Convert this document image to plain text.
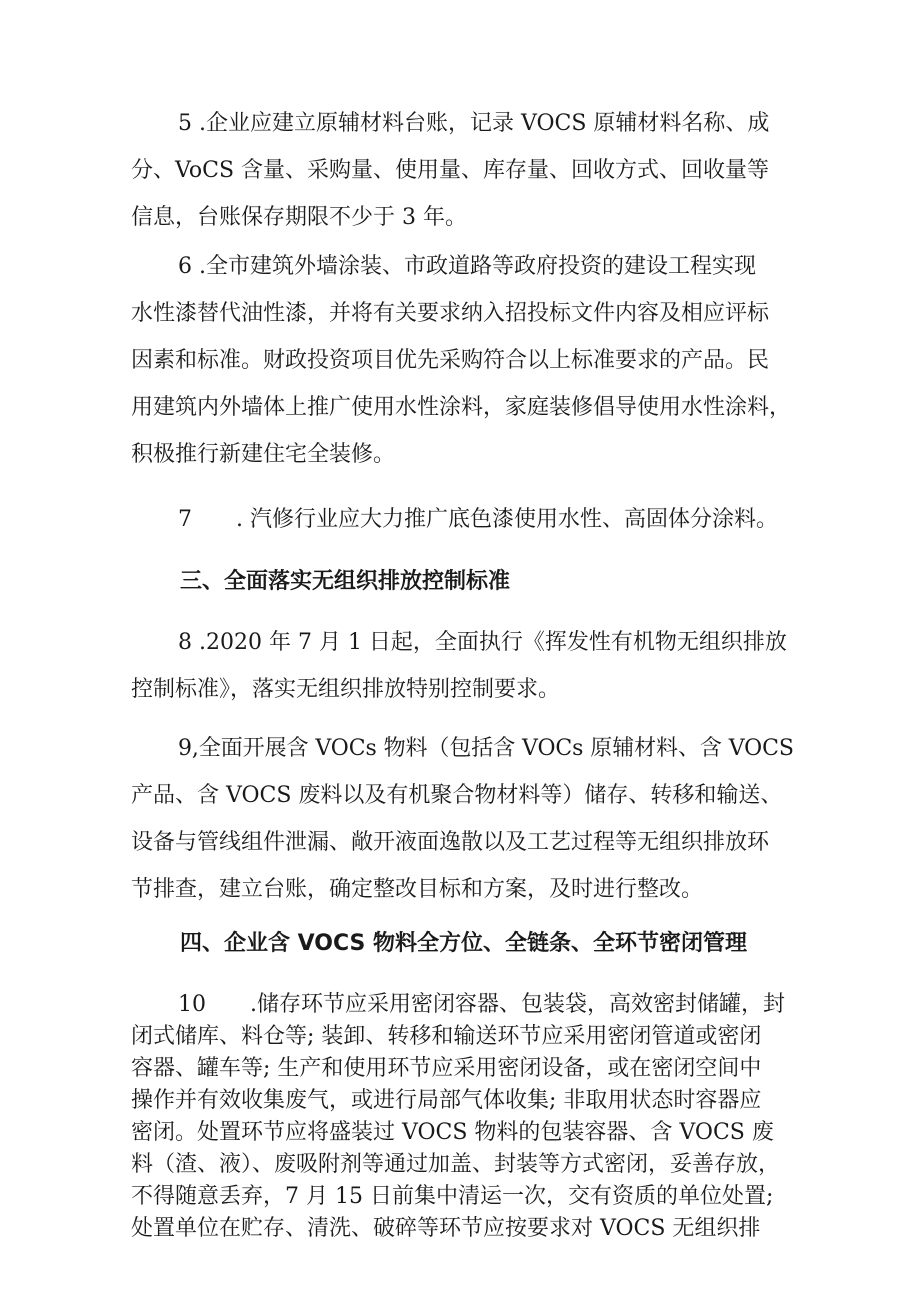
5 .企业应建立原辅材料台账，记录 VOCS 原辅材料名称、成
分、VoCS 含量、采购量、使用量、库存量、回收方式、回收量等
信息，台账保存期限不少于 3 年。
6 .全市建筑外墙涂装、市政道路等政府投资的建设工程实现
水性漆替代油性漆，并将有关要求纳入招投标文件内容及相应评标
因素和标准。财政投资项目优先采购符合以上标准要求的产品。民
用建筑内外墙体上推广使用水性涂料，家庭装修倡导使用水性涂料，
积极推行新建住宅全装修。
7　　. 汽修行业应大力推广底色漆使用水性、高固体分涂料。
三、全面落实无组织排放控制标准
8 .2020 年 7 月 1 日起，全面执行《挥发性有机物无组织排放
控制标准》，落实无组织排放特别控制要求。
9,全面开展含 VOCs 物料（包括含 VOCs 原辅材料、含 VOCS
产品、含 VOCS 废料以及有机聚合物材料等）储存、转移和输送、
设备与管线组件泄漏、敞开液面逸散以及工艺过程等无组织排放环
节排查，建立台账，确定整改目标和方案，及时进行整改。
四、企业含 VOCS 物料全方位、全链条、全环节密闭管理
10　　.储存环节应采用密闭容器、包装袋，高效密封储罐，封
闭式储库、料仓等; 装卸、转移和输送环节应采用密闭管道或密闭
容器、罐车等; 生产和使用环节应采用密闭设备，或在密闭空间中
操作并有效收集废气，或进行局部气体收集; 非取用状态时容器应
密闭。处置环节应将盛装过 VOCS 物料的包装容器、含 VOCS 废
料（渣、液）、废吸附剂等通过加盖、封装等方式密闭，妥善存放，
不得随意丢弃，7 月 15 日前集中清运一次，交有资质的单位处置;
处置单位在贮存、清洗、破碎等环节应按要求对 VOCS 无组织排
